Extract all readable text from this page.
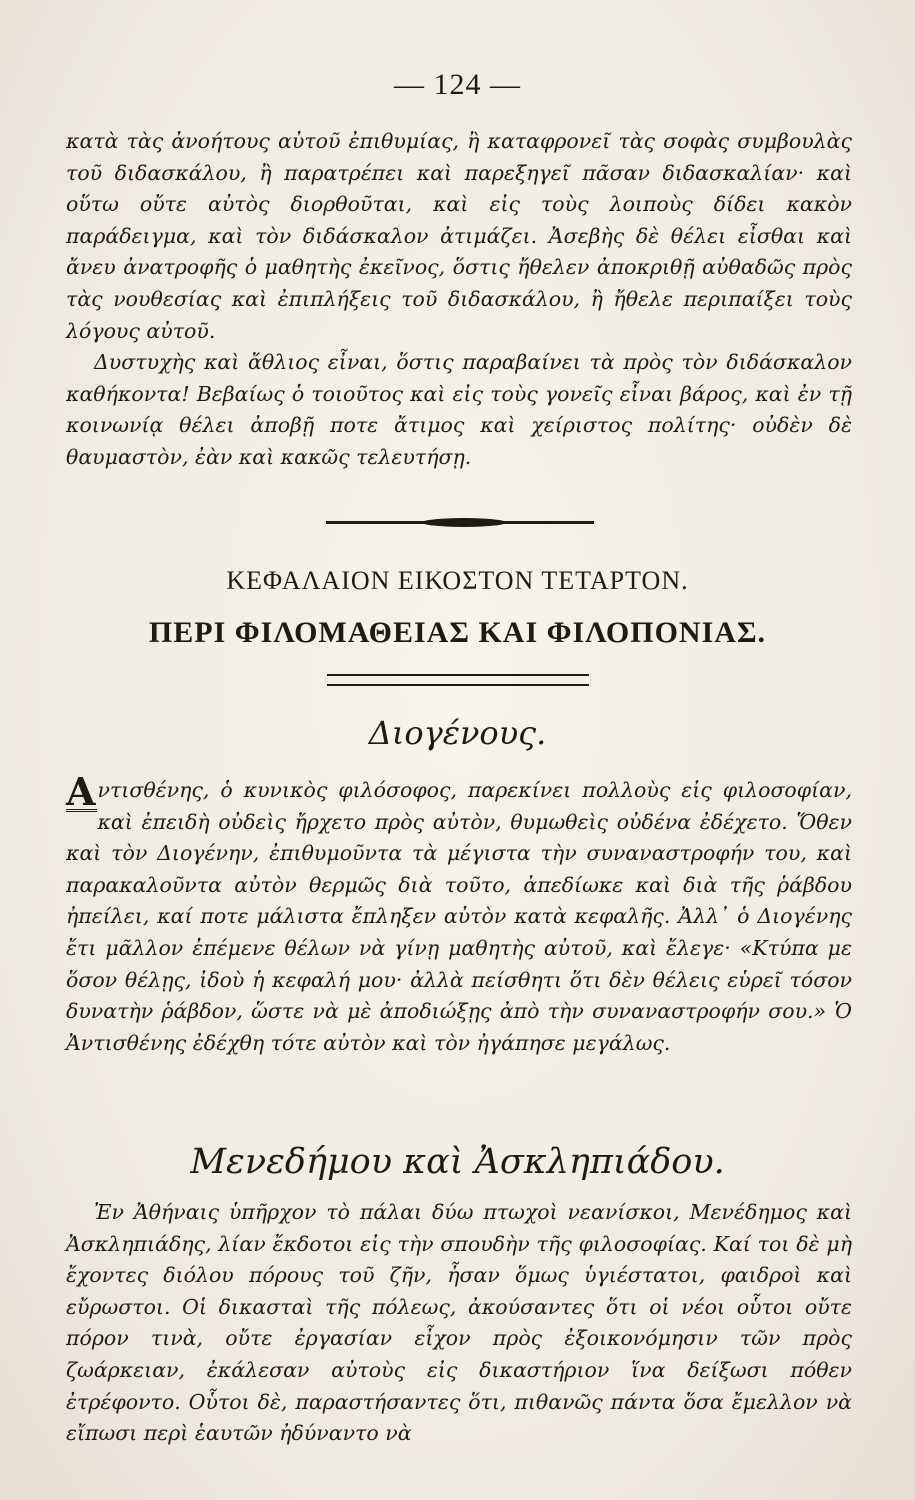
— 124 —

κατὰ τὰς ἀνοήτους αὐτοῦ ἐπιθυμίας, ἢ καταφρονεῖ τὰς σοφὰς συμβουλὰς τοῦ διδασκάλου, ἢ παρατρέπει καὶ παρεξηγεῖ πᾶσαν διδασκαλίαν· καὶ οὕτω οὔτε αὐτὸς διορθοῦται, καὶ εἰς τοὺς λοιποὺς δίδει κακὸν παράδειγμα, καὶ τὸν διδάσκαλον ἀτιμάζει. Ἀσεβὴς δὲ θέλει εἶσθαι καὶ ἄνευ ἀνατροφῆς ὁ μαθητὴς ἐκεῖνος, ὅστις ἤθελεν ἀποκριθῇ αὐθαδῶς πρὸς τὰς νουθεσίας καὶ ἐπιπλήξεις τοῦ διδασκάλου, ἢ ἤθελε περιπαίξει τοὺς λόγους αὐτοῦ.

Δυστυχὴς καὶ ἄθλιος εἶναι, ὅστις παραβαίνει τὰ πρὸς τὸν διδάσκαλον καθήκοντα! Βεβαίως ὁ τοιοῦτος καὶ εἰς τοὺς γονεῖς εἶναι βάρος, καὶ ἐν τῇ κοινωνίᾳ θέλει ἀποβῇ ποτε ἄτιμος καὶ χείριστος πολίτης· οὐδὲν δὲ θαυμαστὸν, ἐὰν καὶ κακῶς τελευτήσῃ.

ΚΕΦΑΛΑΙΟΝ ΕΙΚΟΣΤΟΝ ΤΕΤΑΡΤΟΝ.
ΠΕΡΙ ΦΙΛΟΜΑΘΕΙΑΣ ΚΑΙ ΦΙΛΟΠΟΝΙΑΣ.
Διογένους.

Α ντισθένης, ὁ κυνικὸς φιλόσοφος, παρεκίνει πολλοὺς εἰς φιλοσοφίαν, καὶ ἐπειδὴ οὐδεὶς ἤρχετο πρὸς αὐτὸν, θυμωθεὶς οὐδένα ἐδέχετο. Ὅθεν καὶ τὸν Διογένην, ἐπιθυμοῦντα τὰ μέγιστα τὴν συναναστροφήν του, καὶ παρακαλοῦντα αὐτὸν θερμῶς διὰ τοῦτο, ἀπεδίωκε καὶ διὰ τῆς ῥάβδου ἠπείλει, καί ποτε μάλιστα ἔπληξεν αὐτὸν κατὰ κεφαλῆς. Ἀλλ᾽ ὁ Διογένης ἔτι μᾶλλον ἐπέμενε θέλων νὰ γίνῃ μαθητὴς αὐτοῦ, καὶ ἔλεγε· «Κτύπα με ὅσον θέλῃς, ἰδοὺ ἡ κεφαλή μου· ἀλλὰ πείσθητι ὅτι δὲν θέλεις εὑρεῖ τόσον δυνατὴν ῥάβδον, ὥστε νὰ μὲ ἀποδιώξῃς ἀπὸ τὴν συναναστροφήν σου.» Ὁ Ἀντισθένης ἐδέχθη τότε αὐτὸν καὶ τὸν ἠγάπησε μεγάλως.

Μενεδήμου καὶ Ἀσκληπιάδου.

Ἐν Ἀθήναις ὑπῆρχον τὸ πάλαι δύω πτωχοὶ νεανίσκοι, Μενέδημος καὶ Ἀσκληπιάδης, λίαν ἔκδοτοι εἰς τὴν σπουδὴν τῆς φιλοσοφίας. Καί τοι δὲ μὴ ἔχοντες διόλου πόρους τοῦ ζῆν, ἦσαν ὅμως ὑγιέστατοι, φαιδροὶ καὶ εὔρωστοι. Οἱ δικασταὶ τῆς πόλεως, ἀκούσαντες ὅτι οἱ νέοι οὗτοι οὔτε πόρον τινὰ, οὔτε ἐργασίαν εἶχον πρὸς ἐξοικονόμησιν τῶν πρὸς ζωάρκειαν, ἐκάλεσαν αὐτοὺς εἰς δικαστήριον ἵνα δείξωσι πόθεν ἐτρέφοντο. Οὗτοι δὲ, παραστήσαντες ὅτι, πιθανῶς πάντα ὅσα ἔμελλον νὰ εἴπωσι περὶ ἑαυτῶν ἠδύναντο νὰ
